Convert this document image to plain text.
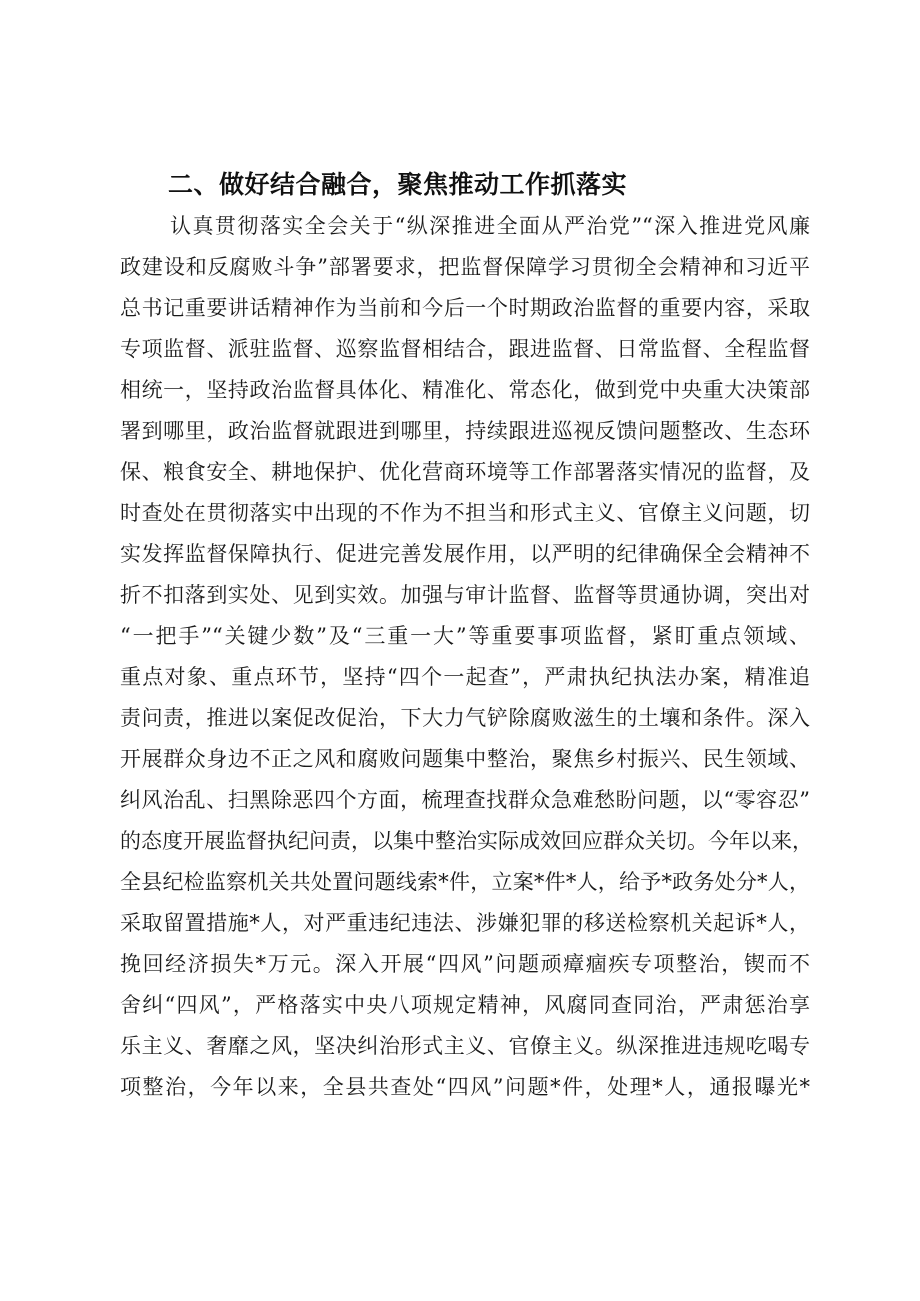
二、做好结合融合，聚焦推动工作抓落实
认真贯彻落实全会关于“纵深推进全面从严治党”“深入推进党风廉
政建设和反腐败斗争”部署要求，把监督保障学习贯彻全会精神和习近平
总书记重要讲话精神作为当前和今后一个时期政治监督的重要内容，采取
专项监督、派驻监督、巡察监督相结合，跟进监督、日常监督、全程监督
相统一，坚持政治监督具体化、精准化、常态化，做到党中央重大决策部
署到哪里，政治监督就跟进到哪里，持续跟进巡视反馈问题整改、生态环
保、粮食安全、耕地保护、优化营商环境等工作部署落实情况的监督，及
时查处在贯彻落实中出现的不作为不担当和形式主义、官僚主义问题，切
实发挥监督保障执行、促进完善发展作用，以严明的纪律确保全会精神不
折不扣落到实处、见到实效。加强与审计监督、监督等贯通协调，突出对
“一把手”“关键少数”及“三重一大”等重要事项监督，紧盯重点领域、
重点对象、重点环节，坚持“四个一起查”，严肃执纪执法办案，精准追
责问责，推进以案促改促治，下大力气铲除腐败滋生的土壤和条件。深入
开展群众身边不正之风和腐败问题集中整治，聚焦乡村振兴、民生领域、
纠风治乱、扫黑除恶四个方面，梳理查找群众急难愁盼问题，以“零容忍”
的态度开展监督执纪问责，以集中整治实际成效回应群众关切。今年以来，
全县纪检监察机关共处置问题线索*件，立案*件*人，给予*政务处分*人，
采取留置措施*人，对严重违纪违法、涉嫌犯罪的移送检察机关起诉*人，
挽回经济损失*万元。深入开展“四风”问题顽瘴痼疾专项整治，锲而不
舍纠“四风”，严格落实中央八项规定精神，风腐同查同治，严肃惩治享
乐主义、奢靡之风，坚决纠治形式主义、官僚主义。纵深推进违规吃喝专
项整治，今年以来，全县共查处“四风”问题*件，处理*人，通报曝光*
